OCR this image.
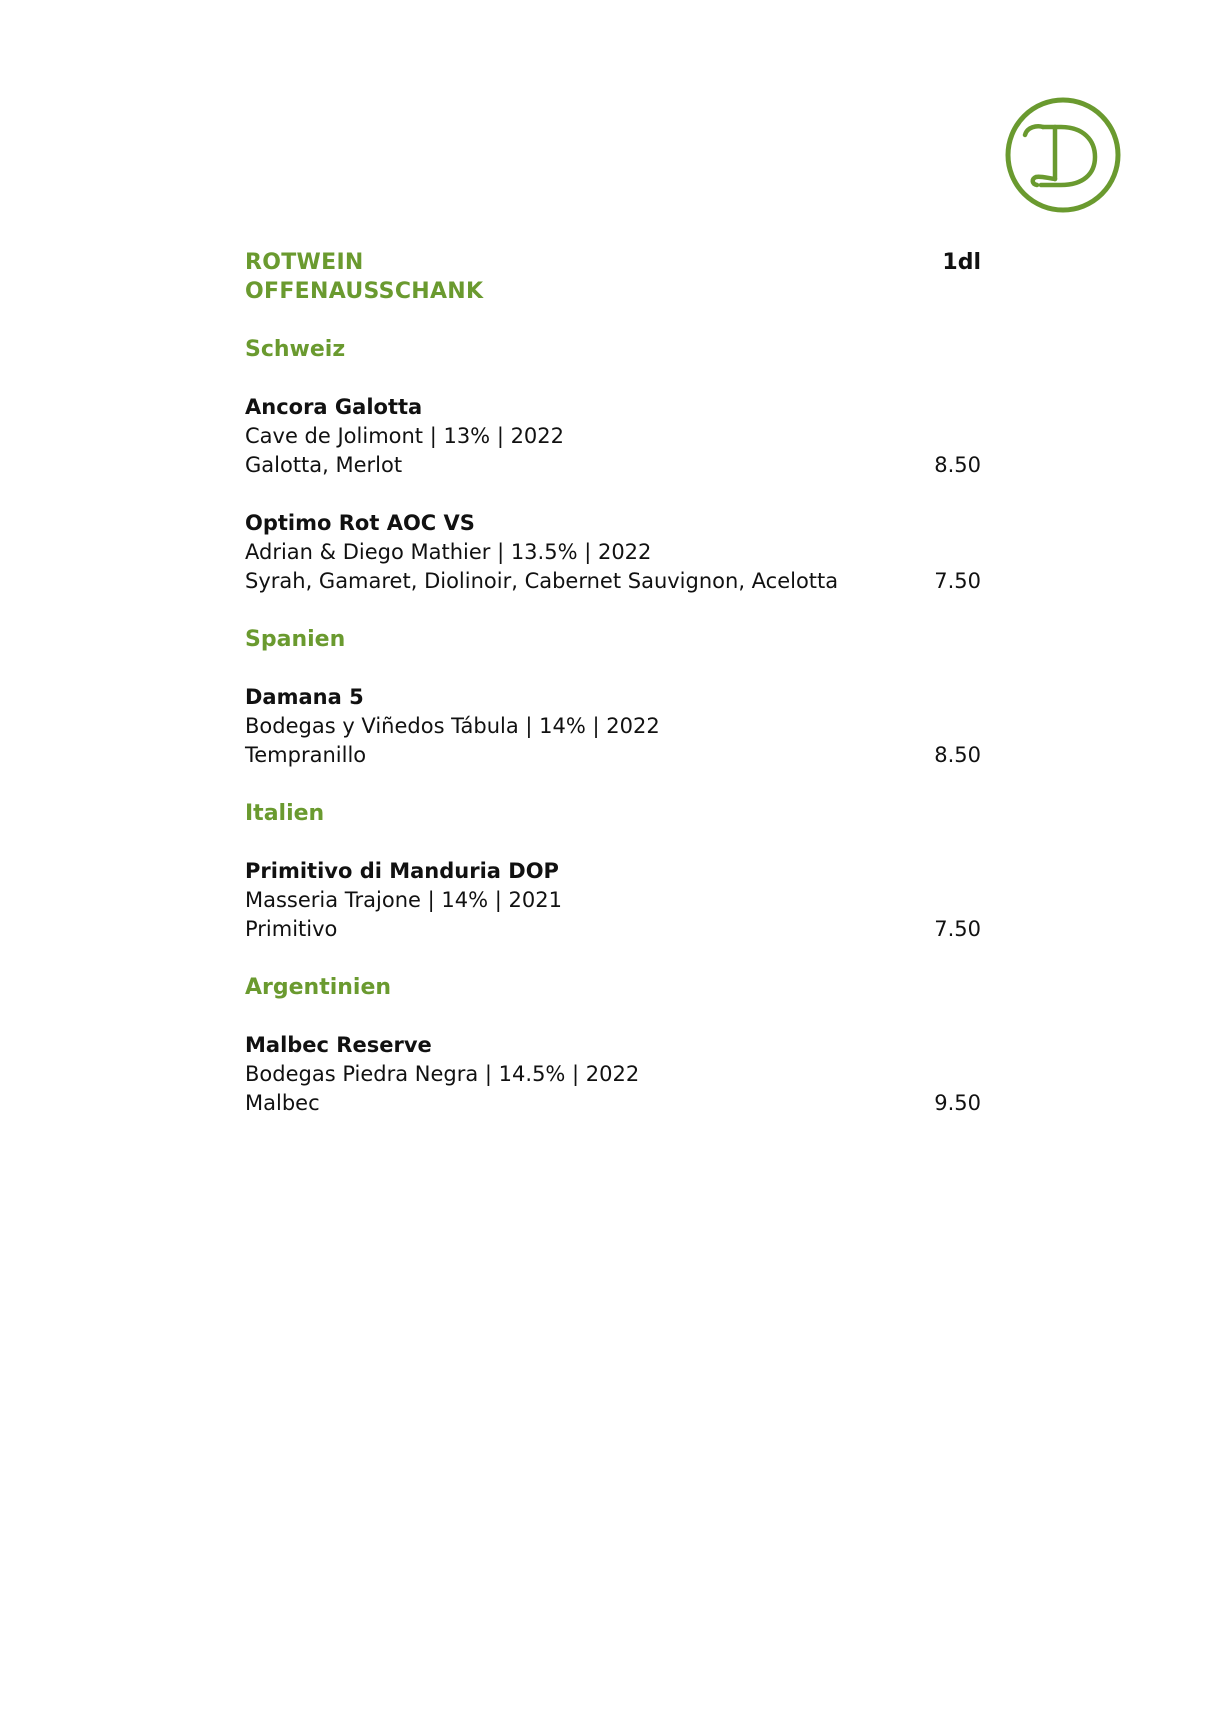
ROTWEIN
OFFENAUSSCHANK
1dl
Schweiz
Ancora Galotta
Cave de Jolimont | 13% | 2022
Galotta, Merlot	8.50
Optimo Rot AOC VS
Adrian & Diego Mathier | 13.5% | 2022
Syrah, Gamaret, Diolinoir, Cabernet Sauvignon, Acelotta	7.50
Spanien
Damana 5
Bodegas y Viñedos Tábula | 14% | 2022
Tempranillo	8.50
Italien
Primitivo di Manduria DOP
Masseria Trajone | 14% | 2021
Primitivo	7.50
Argentinien
Malbec Reserve
Bodegas Piedra Negra | 14.5% | 2022
Malbec	9.50
